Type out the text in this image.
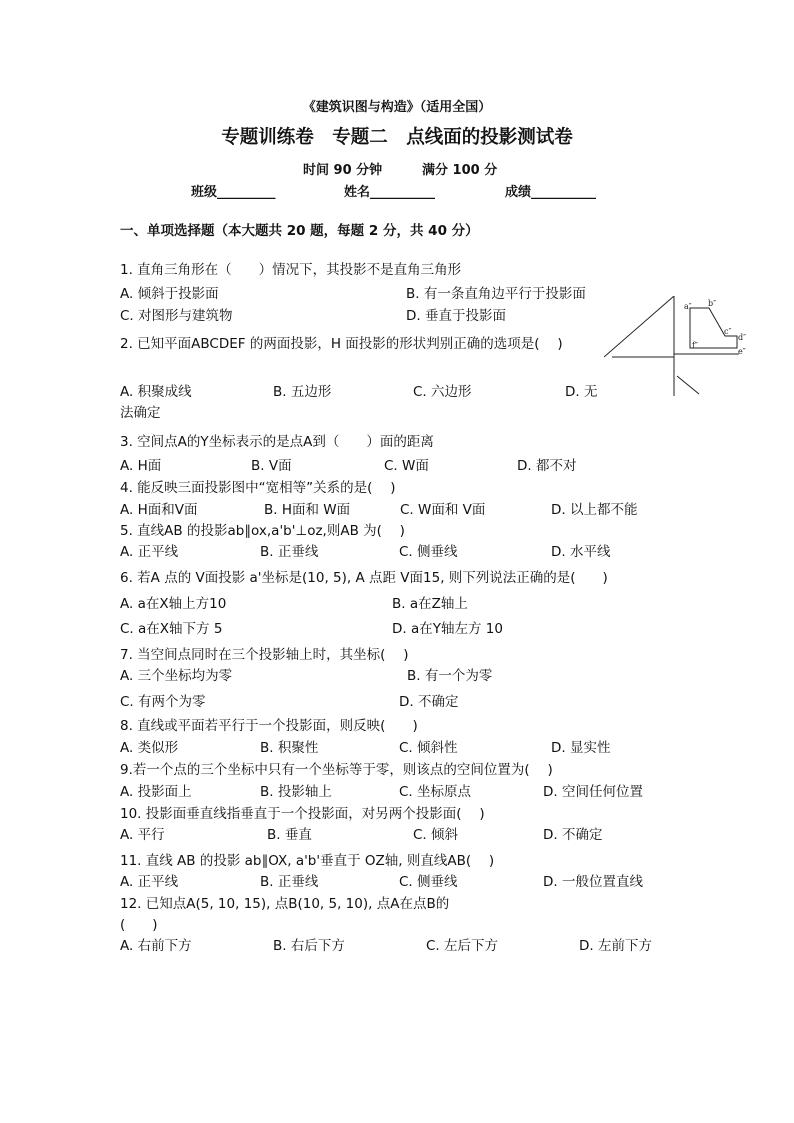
《建筑识图与构造》（适用全国）
专题训练卷　专题二　点线面的投影测试卷
时间 90 分钟	满分 100 分
班级_________	姓名__________	成绩__________
一、单项选择题（本大题共 20 题，每题 2 分，共 40 分）
1. 直角三角形在（　　）情况下，其投影不是直角三角形
A. 倾斜于投影面	B. 有一条直角边平行于投影面
C. 对图形与建筑物	D. 垂直于投影面
2. 已知平面ABCDEF 的两面投影，H 面投影的形状判别正确的选项是(　 )
A. 积聚成线	B. 五边形	C. 六边形	D. 无
法确定
a″ b″
c″
d″
f″
e″
3. 空间点A的Y坐标表示的是点A到（　　）面的距离
A. H面	B. V面	C. W面	D. 都不对
4. 能反映三面投影图中“宽相等”关系的是(　 )
A. H面和V面	B. H面和 W面	C. W面和 V面	D. 以上都不能
5. 直线AB 的投影ab∥ox,a'b'⊥oz,则AB 为(　 )
A. 正平线	B. 正垂线	C. 侧垂线	D. 水平线
6. 若A 点的 V面投影 a'坐标是(10, 5), A 点距 V面15, 则下列说法正确的是(　　)
A. a在X轴上方10	B. a在Z轴上
C. a在X轴下方 5	D. a在Y轴左方 10
7. 当空间点同时在三个投影轴上时，其坐标(　 )
A. 三个坐标均为零	B. 有一个为零
C. 有两个为零	D. 不确定
8. 直线或平面若平行于一个投影面，则反映(　　)
A. 类似形	B. 积聚性	C. 倾斜性	D. 显实性
9.若一个点的三个坐标中只有一个坐标等于零，则该点的空间位置为(　 )
A. 投影面上	B. 投影轴上	C. 坐标原点	D. 空间任何位置
10. 投影面垂直线指垂直于一个投影面，对另两个投影面(　 )
A. 平行	B. 垂直	C. 倾斜	D. 不确定
11. 直线 AB 的投影 ab∥OX, a'b'垂直于 OZ轴, 则直线AB(　 )
A. 正平线	B. 正垂线	C. 侧垂线	D. 一般位置直线
12. 已知点A(5, 10, 15), 点B(10, 5, 10), 点A在点B的
(　　)
A. 右前下方	B. 右后下方	C. 左后下方	D. 左前下方
